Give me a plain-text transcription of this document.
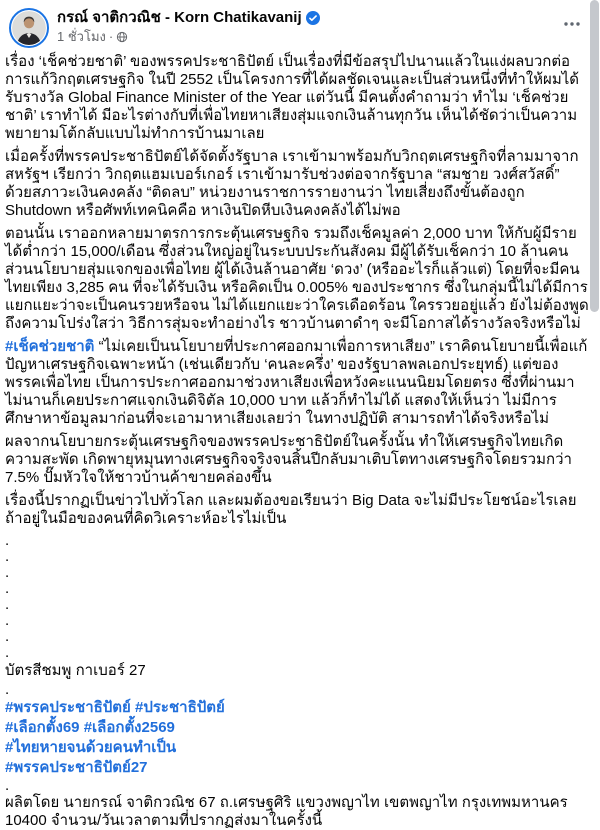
กรณ์ จาติกวณิช - Korn Chatikavanij
1 ชั่วโมง ·

เรื่อง ‘เช็คช่วยชาติ’ ของพรรคประชาธิปัตย์ เป็นเรื่องที่มีข้อสรุปไปนานแล้วในแง่ผลบวกต่อการแก้วิกฤตเศรษฐกิจ ในปี 2552 เป็นโครงการที่ได้ผลชัดเจนและเป็นส่วนหนึ่งที่ทำให้ผมได้รับรางวัล Global Finance Minister of the Year แต่วันนี้ มีคนตั้งคำถามว่า ทำไม ‘เช็คช่วยชาติ’ เราทำได้ มีอะไรต่างกับที่เพื่อไทยหาเสียงสุ่มแจกเงินล้านทุกวัน เห็นได้ชัดว่าเป็นความพยายามโต้กลับแบบไม่ทำการบ้านมาเลย

เมื่อครั้งที่พรรคประชาธิปัตย์ได้จัดตั้งรัฐบาล เราเข้ามาพร้อมกับวิกฤตเศรษฐกิจที่ลามมาจากสหรัฐฯ เรียกว่า วิกฤตแฮมเบอร์เกอร์ เราเข้ามารับช่วงต่อจากรัฐบาล “สมชาย วงศ์สวัสดิ์” ด้วยสภาวะเงินคงคลัง “ติดลบ” หน่วยงานราชการรายงานว่า ไทยเสี่ยงถึงขั้นต้องถูก Shutdown หรือศัพท์เทคนิคคือ หาเงินปิดหีบเงินคงคลังได้ไม่พอ

ตอนนั้น เราออกหลายมาตรการกระตุ้นเศรษฐกิจ รวมถึงเช็คมูลค่า 2,000 บาท ให้กับผู้มีรายได้ต่ำกว่า 15,000/เดือน ซึ่งส่วนใหญ่อยู่ในระบบประกันสังคม มีผู้ได้รับเช็คกว่า 10 ล้านคน ส่วนนโยบายสุ่มแจกของเพื่อไทย ผู้ได้เงินล้านอาศัย ‘ดวง’ (หรืออะไรก็แล้วแต่) โดยที่จะมีคนไทยเพียง 3,285 คน ที่จะได้รับเงิน หรือคิดเป็น 0.005% ของประชากร ซึ่งในกลุ่มนี้ไม่ได้มีการแยกแยะว่าจะเป็นคนรวยหรือจน ไม่ได้แยกแยะว่าใครเดือดร้อน ใครรวยอยู่แล้ว ยังไม่ต้องพูดถึงความโปร่งใสว่า วิธีการสุ่มจะทำอย่างไร ชาวบ้านตาดำๆ จะมีโอกาสได้รางวัลจริงหรือไม่

#เช็คช่วยชาติ “ไม่เคยเป็นนโยบายที่ประกาศออกมาเพื่อการหาเสียง” เราคิดนโยบายนี้เพื่อแก้ปัญหาเศรษฐกิจเฉพาะหน้า (เช่นเดียวกับ ‘คนละครึ่ง’ ของรัฐบาลพลเอกประยุทธ์) แต่ของพรรคเพื่อไทย เป็นการประกาศออกมาช่วงหาเสียงเพื่อหวังคะแนนนิยมโดยตรง ซึ่งที่ผ่านมาไม่นานก็เคยประกาศแจกเงินดิจิตัล 10,000 บาท แล้วก็ทำไม่ได้ แสดงให้เห็นว่า ไม่มีการศึกษาหาข้อมูลมาก่อนที่จะเอามาหาเสียงเลยว่า ในทางปฏิบัติ สามารถทำได้จริงหรือไม่

ผลจากนโยบายกระตุ้นเศรษฐกิจของพรรคประชาธิปัตย์ในครั้งนั้น ทำให้เศรษฐกิจไทยเกิดความสะพัด เกิดพายุหมุนทางเศรษฐกิจจริงจนสิ้นปีกลับมาเติบโตทางเศรษฐกิจโดยรวมกว่า 7.5% ปั๊มหัวใจให้ชาวบ้านค้าขายคล่องขึ้น

เรื่องนี้ปรากฏเป็นข่าวไปทั่วโลก และผมต้องขอเรียนว่า Big Data จะไม่มีประโยชน์อะไรเลย ถ้าอยู่ในมือของคนที่คิดวิเคราะห์อะไรไม่เป็น

.
.
.
.
.
.
.
.
บัตรสีชมพู กาเบอร์ 27
.
#พรรคประชาธิปัตย์ #ประชาธิปัตย์
#เลือกตั้ง69 #เลือกตั้ง2569
#ไทยหายจนด้วยคนทำเป็น
#พรรคประชาธิปัตย์27
.

ผลิตโดย นายกรณ์ จาติกวณิช 67 ถ.เศรษฐศิริ แขวงพญาไท เขตพญาไท กรุงเทพมหานคร 10400 จำนวน/วันเวลาตามที่ปรากฏส่งมาในครั้งนี้
